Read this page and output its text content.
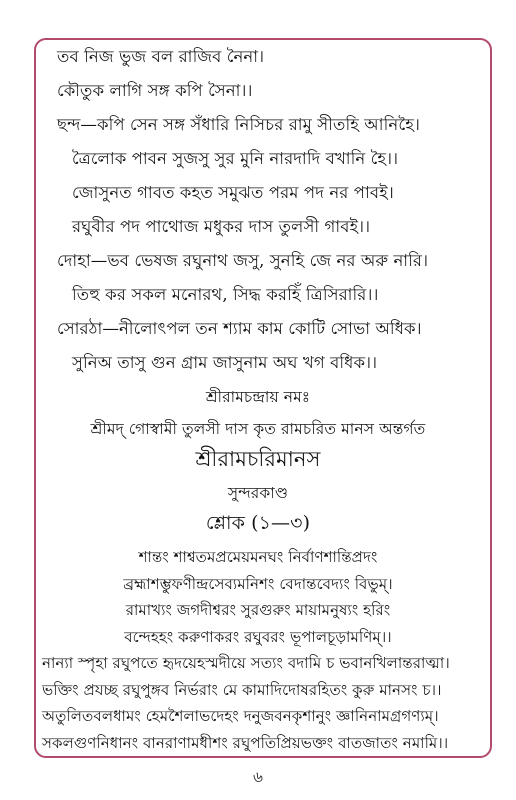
তব নিজ ভুজ বল রাজিব নৈনা।
কৌতুক লাগি সঙ্গ কপি সৈনা।।
ছন্দ—কপি সেন সঙ্গ সঁধারি নিসিচর রামু সীতহি আনিহৈ।
ত্রৈলোক পাবন সুজসু সুর মুনি নারদাদি বখানি হৈ।।
জোসুনত গাবত কহত সমুঝত পরম পদ নর পাবই।
রঘুবীর পদ পাথোজ মধুকর দাস তুলসী গাবই।।
দোহা—ভব ভেষজ রঘুনাথ জসু, সুনহি জে নর অরু নারি।
তিহু কর সকল মনোরথ, সিদ্ধ করহিঁ ত্রিসিরারি।।
সোরঠা—নীলোৎপল তন শ্যাম কাম কোটি সোভা অধিক।
সুনিঅ তাসু গুন গ্রাম জাসুনাম অঘ খগ বধিক।।
শ্রীরামচন্দ্রায় নমঃ
শ্রীমদ্ গোস্বামী তুলসী দাস কৃত রামচরিত মানস অন্তর্গত
শ্রীরামচরিমানস
সুন্দরকাণ্ড
শ্লোক (১—৩)
শান্তং শাশ্বতমপ্রমেয়মনঘং নির্বাণশান্তিপ্রদং
ব্রহ্মাশম্ভুফণীন্দ্রসেব্যমনিশং বেদান্তবেদ্যং বিভুম্।
রামাখ্যং জগদীশ্বরং সুরগুরুং মায়ামনুষ্যং হরিং
বন্দেহহং করুণাকরং রঘুবরং ভূপালচূড়ামণিম্।।
নান্যা স্পৃহা রঘুপতে হৃদয়েহস্মদীয়ে সত্যং বদামি চ ভবানখিলান্তরাত্মা।
ভক্তিং প্রযচ্ছ রঘুপুঙ্গব নির্ভরাং মে কামাদিদোষরহিতং কুরু মানসং চ।।
অতুলিতবলধামং হেমশৈলাভদেহং দনুজবনকৃশানুং জ্ঞানিনামগ্রগণ্যম্।
সকলগুণনিধানং বানরাণামধীশং রঘুপতিপ্রিয়ভক্তং বাতজাতং নমামি।।
৬
